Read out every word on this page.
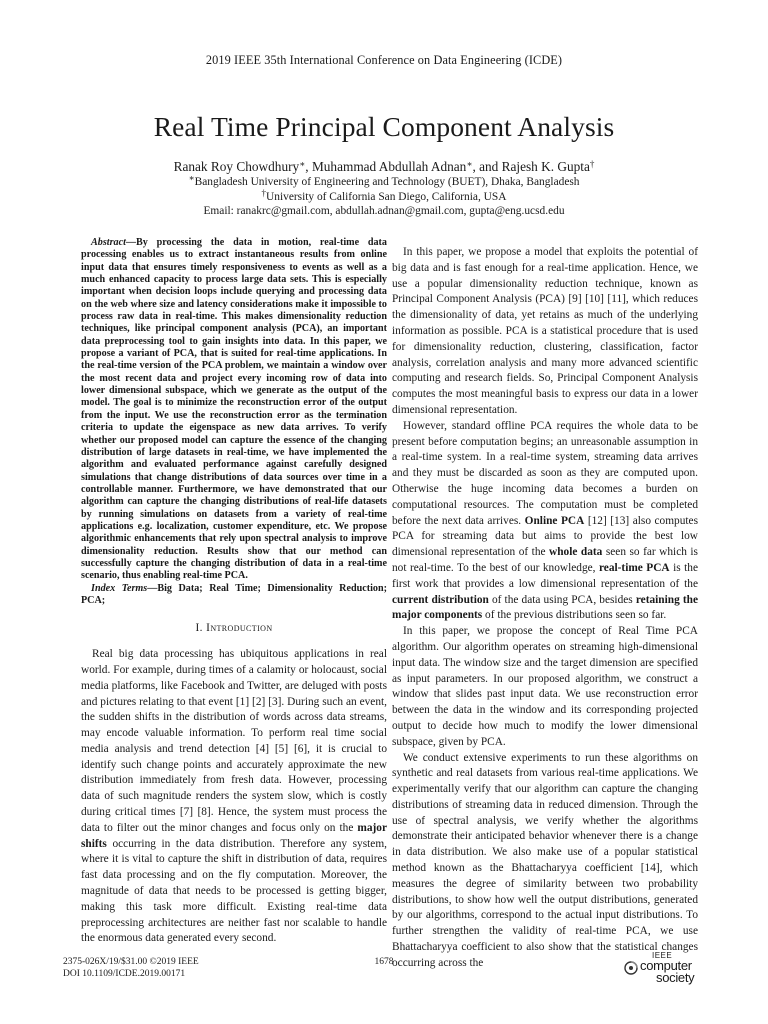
2019 IEEE 35th International Conference on Data Engineering (ICDE)
Real Time Principal Component Analysis
Ranak Roy Chowdhury∗, Muhammad Abdullah Adnan∗, and Rajesh K. Gupta†
∗Bangladesh University of Engineering and Technology (BUET), Dhaka, Bangladesh
†University of California San Diego, California, USA
Email: ranakrc@gmail.com, abdullah.adnan@gmail.com, gupta@eng.ucsd.edu

Abstract—By processing the data in motion, real-time data processing enables us to extract instantaneous results from online input data that ensures timely responsiveness to events as well as a much enhanced capacity to process large data sets. This is especially important when decision loops include querying and processing data on the web where size and latency considerations make it impossible to process raw data in real-time. This makes dimensionality reduction techniques, like principal component analysis (PCA), an important data preprocessing tool to gain insights into data. In this paper, we propose a variant of PCA, that is suited for real-time applications. In the real-time version of the PCA problem, we maintain a window over the most recent data and project every incoming row of data into lower dimensional subspace, which we generate as the output of the model. The goal is to minimize the reconstruction error of the output from the input. We use the reconstruction error as the termination criteria to update the eigenspace as new data arrives. To verify whether our proposed model can capture the essence of the changing distribution of large datasets in real-time, we have implemented the algorithm and evaluated performance against carefully designed simulations that change distributions of data sources over time in a controllable manner. Furthermore, we have demonstrated that our algorithm can capture the changing distributions of real-life datasets by running simulations on datasets from a variety of real-time applications e.g. localization, customer expenditure, etc. We propose algorithmic enhancements that rely upon spectral analysis to improve dimensionality reduction. Results show that our method can successfully capture the changing distribution of data in a real-time scenario, thus enabling real-time PCA.

Index Terms—Big Data; Real Time; Dimensionality Reduction; PCA;

I. Introduction

Real big data processing has ubiquitous applications in real world. For example, during times of a calamity or holocaust, social media platforms, like Facebook and Twitter, are deluged with posts and pictures relating to that event [1] [2] [3]. During such an event, the sudden shifts in the distribution of words across data streams, may encode valuable information. To perform real time social media analysis and trend detection [4] [5] [6], it is crucial to identify such change points and accurately approximate the new distribution immediately from fresh data. However, processing data of such magnitude renders the system slow, which is costly during critical times [7] [8]. Hence, the system must process the data to filter out the minor changes and focus only on the major shifts occurring in the data distribution. Therefore any system, where it is vital to capture the shift in distribution of data, requires fast data processing and on the fly computation. Moreover, the magnitude of data that needs to be processed is getting bigger, making this task more difficult. Existing real-time data preprocessing architectures are neither fast nor scalable to handle the enormous data generated every second.

In this paper, we propose a model that exploits the potential of big data and is fast enough for a real-time application. Hence, we use a popular dimensionality reduction technique, known as Principal Component Analysis (PCA) [9] [10] [11], which reduces the dimensionality of data, yet retains as much of the underlying information as possible. PCA is a statistical procedure that is used for dimensionality reduction, clustering, classification, factor analysis, correlation analysis and many more advanced scientific computing and research fields. So, Principal Component Analysis computes the most meaningful basis to express our data in a lower dimensional representation.

However, standard offline PCA requires the whole data to be present before computation begins; an unreasonable assumption in a real-time system. In a real-time system, streaming data arrives and they must be discarded as soon as they are computed upon. Otherwise the huge incoming data becomes a burden on computational resources. The computation must be completed before the next data arrives. Online PCA [12] [13] also computes PCA for streaming data but aims to provide the best low dimensional representation of the whole data seen so far which is not real-time. To the best of our knowledge, real-time PCA is the first work that provides a low dimensional representation of the current distribution of the data using PCA, besides retaining the major components of the previous distributions seen so far.

In this paper, we propose the concept of Real Time PCA algorithm. Our algorithm operates on streaming high-dimensional input data. The window size and the target dimension are specified as input parameters. In our proposed algorithm, we construct a window that slides past input data. We use reconstruction error between the data in the window and its corresponding projected output to decide how much to modify the lower dimensional subspace, given by PCA.

We conduct extensive experiments to run these algorithms on synthetic and real datasets from various real-time applications. We experimentally verify that our algorithm can capture the changing distributions of streaming data in reduced dimension. Through the use of spectral analysis, we verify whether the algorithms demonstrate their anticipated behavior whenever there is a change in data distribution. We also make use of a popular statistical method known as the Bhattacharyya coefficient [14], which measures the degree of similarity between two probability distributions, to show how well the output distributions, generated by our algorithms, correspond to the actual input distributions. To further strengthen the validity of real-time PCA, we use Bhattacharyya coefficient to also show that the statistical changes occurring across the

2375-026X/19/$31.00 ©2019 IEEE
DOI 10.1109/ICDE.2019.00171
1678
IEEE
computer
society
